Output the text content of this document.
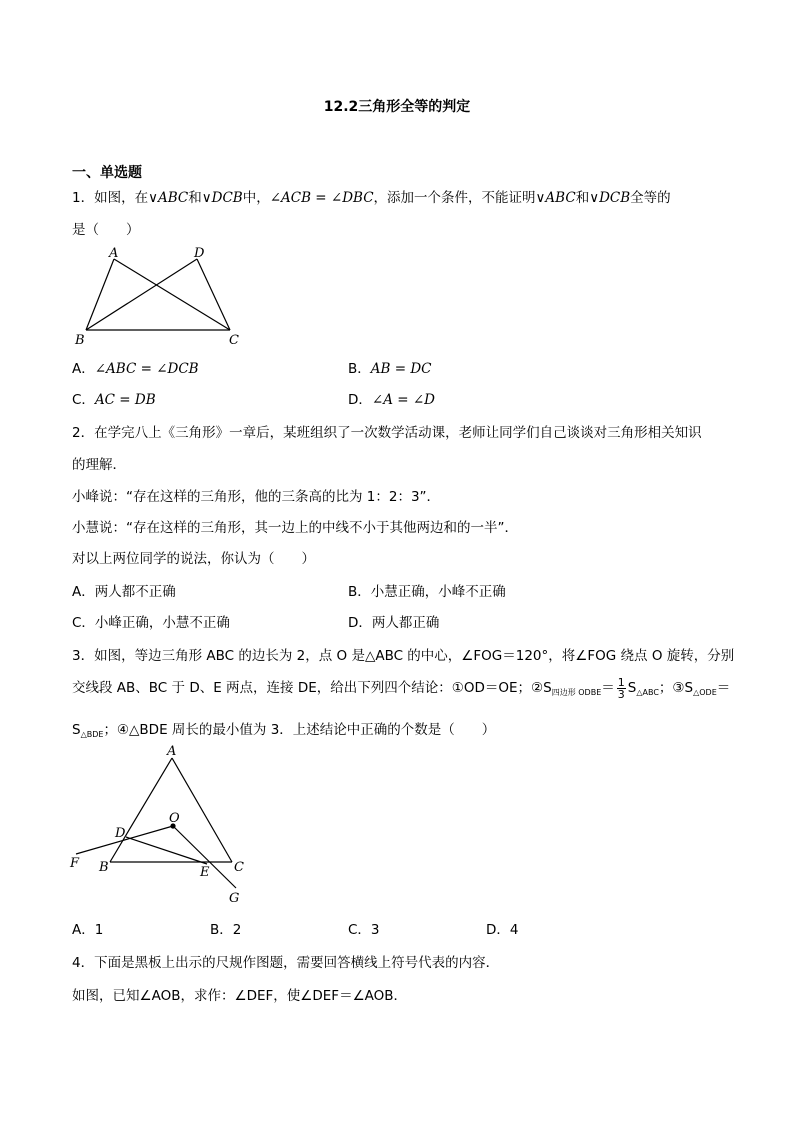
12.2三角形全等的判定
一、单选题
1．如图，在∨ABC和∨DCB中，∠ACB = ∠DBC，添加一个条件，不能证明∨ABC和∨DCB全等的
是（　　）
A	D
B	C
A．∠ABC = ∠DCB	B．AB = DC
C．AC = DB	D．∠A = ∠D
2．在学完八上《三角形》一章后，某班组织了一次数学活动课，老师让同学们自己谈谈对三角形相关知识
的理解．
小峰说：“存在这样的三角形，他的三条高的比为 1：2：3”．
小慧说：“存在这样的三角形，其一边上的中线不小于其他两边和的一半”．
对以上两位同学的说法，你认为（　　）
A．两人都不正确	B．小慧正确，小峰不正确
C．小峰正确，小慧不正确	D．两人都正确
3．如图，等边三角形 ABC 的边长为 2，点 O 是△ABC 的中心，∠FOG＝120°，将∠FOG 绕点 O 旋转，分别
交线段 AB、BC 于 D、E 两点，连接 DE，给出下列四个结论：①OD＝OE；$②S_{四边形 ODBE}= \frac{1}{3} S_{\triangle ABC}$；$③S_{\triangle ODE}=$
$S_{\triangle BDE}$；④△BDE 周长的最小值为 3．上述结论中正确的个数是（　　）
A
O
D
F B	E C
G
A．1	B．2	C．3	D．4
4．下面是黑板上出示的尺规作图题，需要回答横线上符号代表的内容．
如图，已知∠AOB，求作：∠DEF，使∠DEF＝∠AOB．
